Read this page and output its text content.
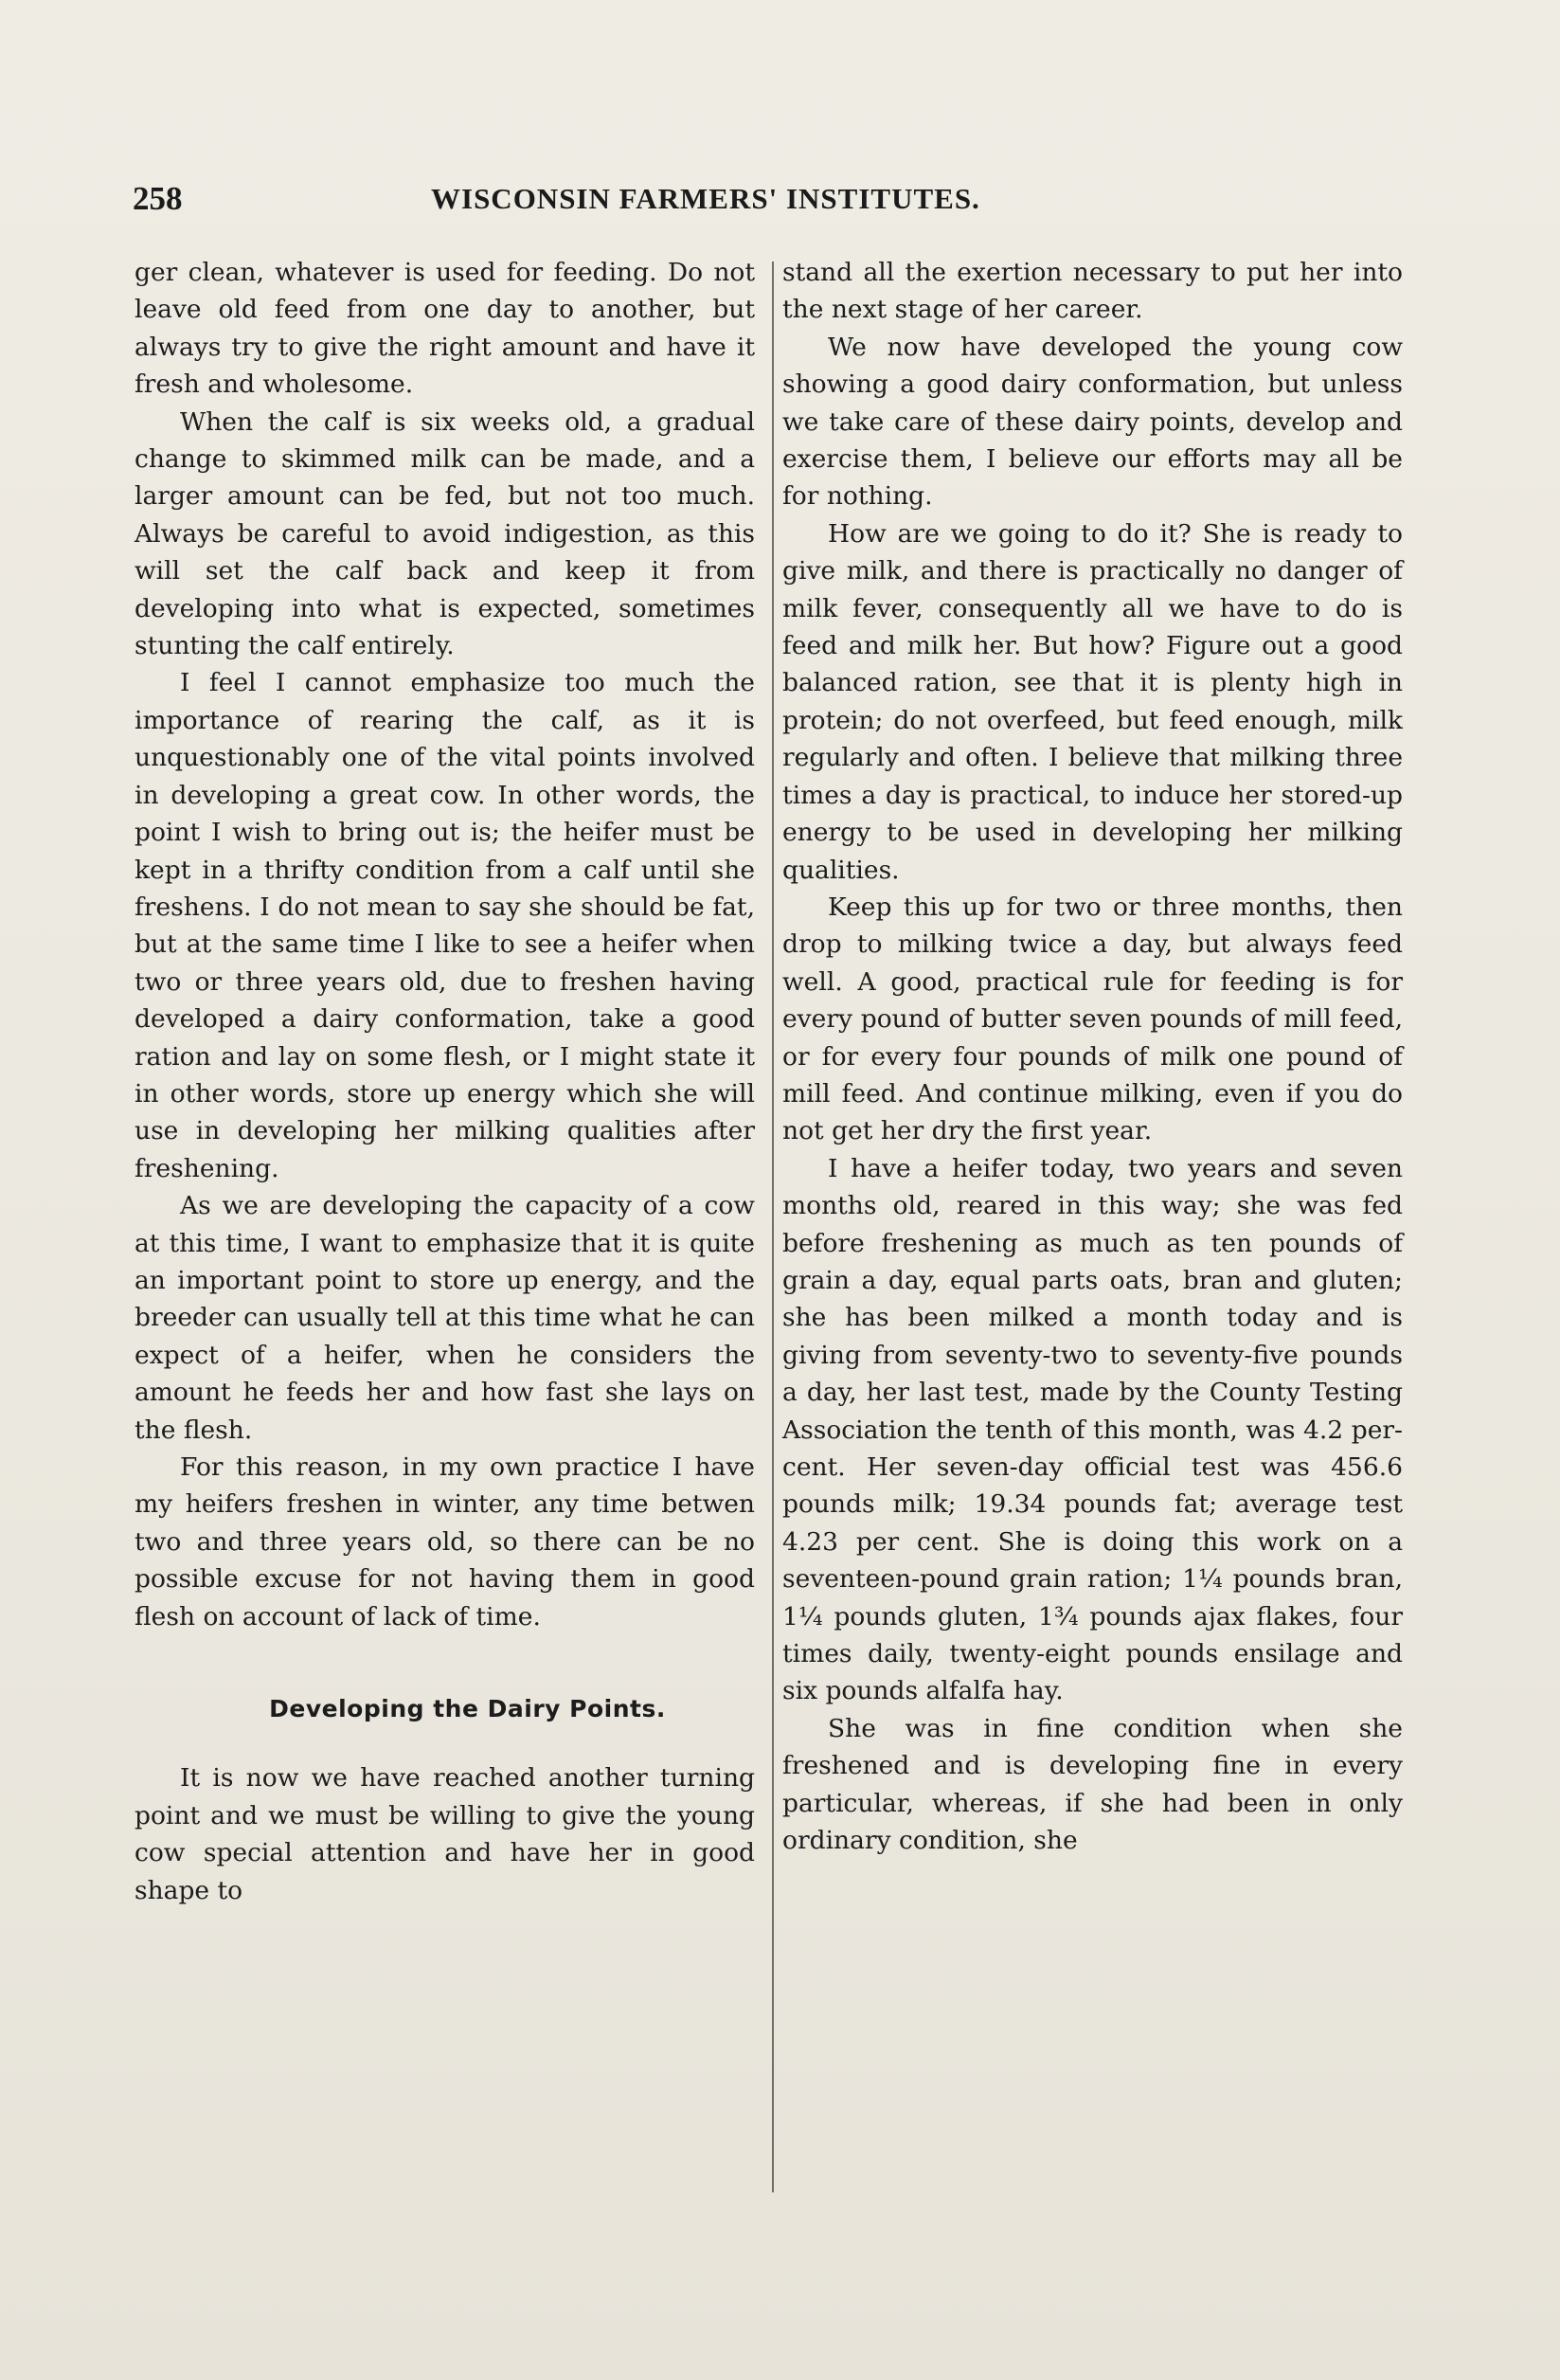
258	WISCONSIN FARMERS' INSTITUTES.

ger clean, whatever is used for feeding. Do not leave old feed from one day to another, but always try to give the right amount and have it fresh and wholesome.

When the calf is six weeks old, a gradual change to skimmed milk can be made, and a larger amount can be fed, but not too much. Always be careful to avoid indigestion, as this will set the calf back and keep it from developing into what is expected, sometimes stunting the calf entirely.

I feel I cannot emphasize too much the importance of rearing the calf, as it is unquestionably one of the vital points involved in developing a great cow. In other words, the point I wish to bring out is; the heifer must be kept in a thrifty condition from a calf until she freshens. I do not mean to say she should be fat, but at the same time I like to see a heifer when two or three years old, due to freshen having developed a dairy conformation, take a good ration and lay on some flesh, or I might state it in other words, store up energy which she will use in developing her milking qualities after freshening.

As we are developing the capacity of a cow at this time, I want to emphasize that it is quite an important point to store up energy, and the breeder can usually tell at this time what he can expect of a heifer, when he considers the amount he feeds her and how fast she lays on the flesh.

For this reason, in my own practice I have my heifers freshen in winter, any time betwen two and three years old, so there can be no possible excuse for not having them in good flesh on account of lack of time.

Developing the Dairy Points.

It is now we have reached another turning point and we must be willing to give the young cow special attention and have her in good shape to

stand all the exertion necessary to put her into the next stage of her career.

We now have developed the young cow showing a good dairy conformation, but unless we take care of these dairy points, develop and exercise them, I believe our efforts may all be for nothing.

How are we going to do it? She is ready to give milk, and there is practically no danger of milk fever, consequently all we have to do is feed and milk her. But how? Figure out a good balanced ration, see that it is plenty high in protein; do not overfeed, but feed enough, milk regularly and often. I believe that milking three times a day is practical, to induce her stored-up energy to be used in developing her milking qualities.

Keep this up for two or three months, then drop to milking twice a day, but always feed well. A good, practical rule for feeding is for every pound of butter seven pounds of mill feed, or for every four pounds of milk one pound of mill feed. And continue milking, even if you do not get her dry the first year.

I have a heifer today, two years and seven months old, reared in this way; she was fed before freshening as much as ten pounds of grain a day, equal parts oats, bran and gluten; she has been milked a month today and is giving from seventy-two to seventy-five pounds a day, her last test, made by the County Testing Association the tenth of this month, was 4.2 per-cent. Her seven-day official test was 456.6 pounds milk; 19.34 pounds fat; average test 4.23 per cent. She is doing this work on a seventeen-pound grain ration; 1¼ pounds bran, 1¼ pounds gluten, 1¾ pounds ajax flakes, four times daily, twenty-eight pounds ensilage and six pounds alfalfa hay.

She was in fine condition when she freshened and is developing fine in every particular, whereas, if she had been in only ordinary condition, she
